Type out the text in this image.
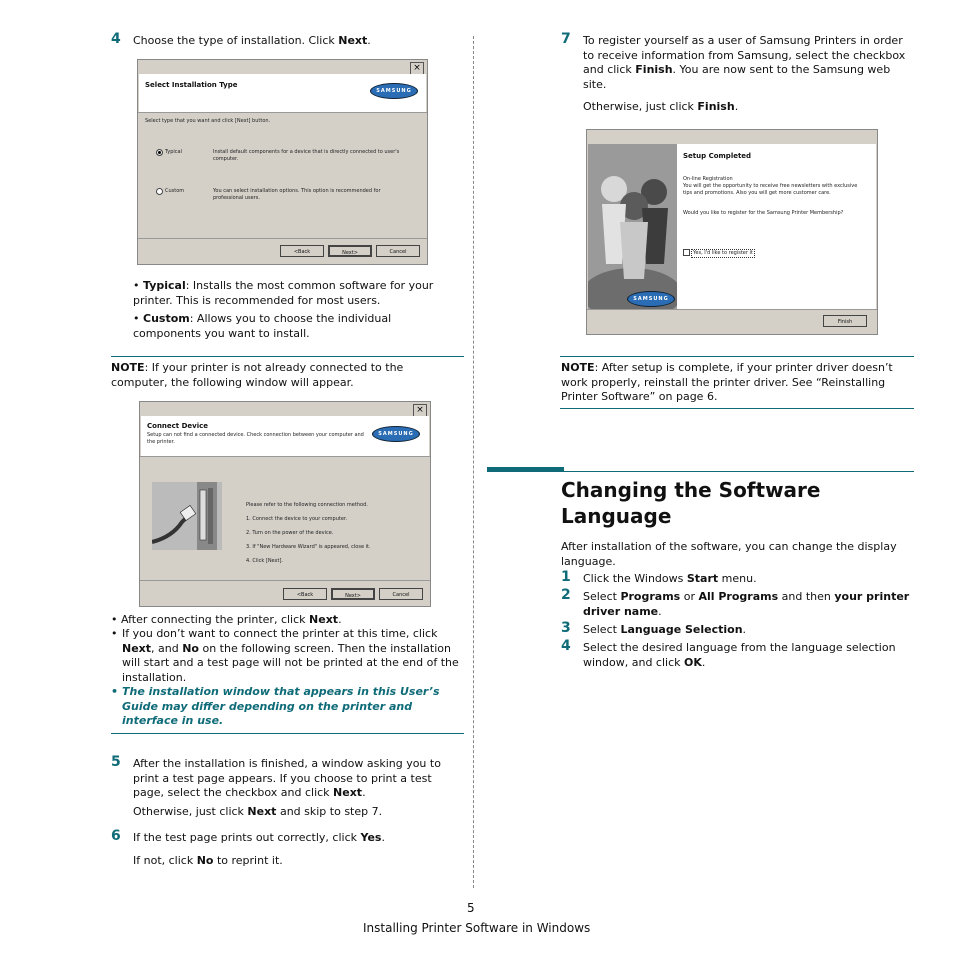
4 Choose the type of installation. Click Next.
×
Select Installation Type
SAMSUNG
Select type that you want and click [Next] button.
Typical	Install default components for a device that is directly connected to user's computer.
Custom	You can select installation options. This option is recommended for professional users.
<Back	Next>	Cancel
• Typical: Installs the most common software for your printer. This is recommended for most users.
• Custom: Allows you to choose the individual components you want to install.
NOTE: If your printer is not already connected to the computer, the following window will appear.
×
Connect Device
Setup can not find a connected device. Check connection between your computer and the printer.
SAMSUNG
Please refer to the following connection method.
1. Connect the device to your computer.
2. Turn on the power of the device.
3. If "New Hardware Wizard" is appeared, close it.
4. Click [Next].
<Back	Next>	Cancel
• After connecting the printer, click Next.
• If you don’t want to connect the printer at this time, click Next, and No on the following screen. Then the installation will start and a test page will not be printed at the end of the installation.
• The installation window that appears in this User’s Guide may differ depending on the printer and interface in use.
5 After the installation is finished, a window asking you to print a test page appears. If you choose to print a test page, select the checkbox and click Next.
Otherwise, just click Next and skip to step 7.
6 If the test page prints out correctly, click Yes.
If not, click No to reprint it.
7 To register yourself as a user of Samsung Printers in order to receive information from Samsung, select the checkbox and click Finish. You are now sent to the Samsung web site.
Otherwise, just click Finish.
SAMSUNG
Setup Completed
On-line Registration
You will get the opportunity to receive free newsletters with exclusive tips and promotions. Also you will get more customer care.
Would you like to register for the Samsung Printer Membership?
Yes, I'd like to register it
Finish
NOTE: After setup is complete, if your printer driver doesn’t work properly, reinstall the printer driver. See “Reinstalling Printer Software” on page 6.
Changing the Software Language
After installation of the software, you can change the display language.
1 Click the Windows Start menu.
2 Select Programs or All Programs and then your printer driver name.
3 Select Language Selection.
4 Select the desired language from the language selection window, and click OK.
5
Installing Printer Software in Windows
